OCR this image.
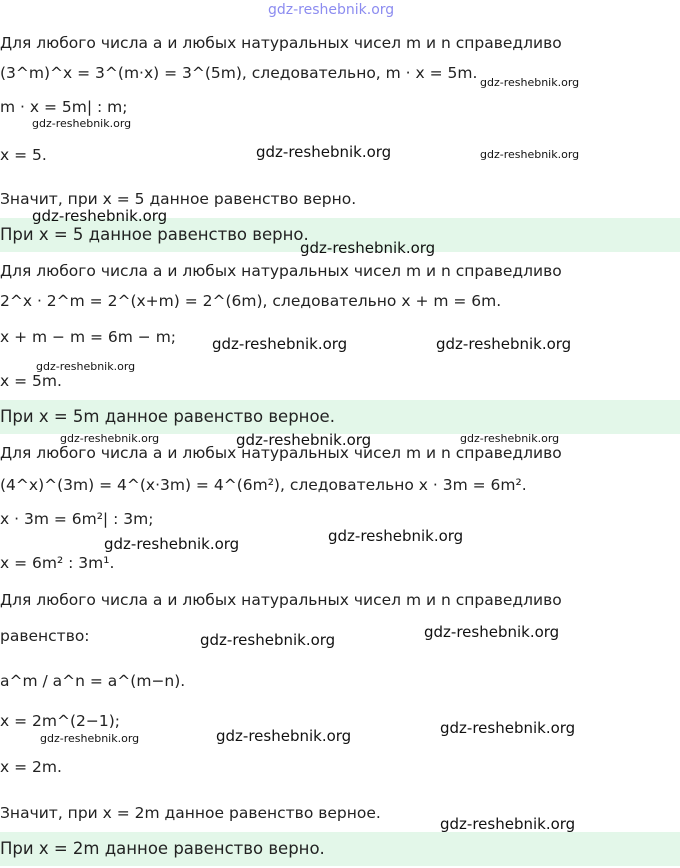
gdz-reshebnik.org
Для любого числа a и любых натуральных чисел m и n справедливо
(3^m)^x = 3^(m·x) = 3^(5m), следовательно, m · x = 5m.
m · x = 5m| : m;
x = 5.
Значит, при x = 5 данное равенство верно.
При x = 5 данное равенство верно.
Для любого числа a и любых натуральных чисел m и n справедливо
2^x · 2^m = 2^(x+m) = 2^(6m), следовательно x + m = 6m.
x + m − m = 6m − m;
x = 5m.
При x = 5m данное равенство верное.
Для любого числа a и любых натуральных чисел m и n справедливо
(4^x)^(3m) = 4^(x·3m) = 4^(6m²), следовательно x · 3m = 6m².
x · 3m = 6m²| : 3m;
x = 6m² : 3m¹.
Для любого числа a и любых натуральных чисел m и n справедливо
равенство:
a^m / a^n = a^(m−n).
x = 2m^(2−1);
x = 2m.
Значит, при x = 2m данное равенство верное.
При x = 2m данное равенство верно.
gdz-reshebnik.org
gdz-reshebnik.org
gdz-reshebnik.org	gdz-reshebnik.org
gdz-reshebnik.org
gdz-reshebnik.org
gdz-reshebnik.org	gdz-reshebnik.org
gdz-reshebnik.org
gdz-reshebnik.org	gdz-reshebnik.org	gdz-reshebnik.org
gdz-reshebnik.org
gdz-reshebnik.org
gdz-reshebnik.org
gdz-reshebnik.org
gdz-reshebnik.org
gdz-reshebnik.org
gdz-reshebnik.org
gdz-reshebnik.org
